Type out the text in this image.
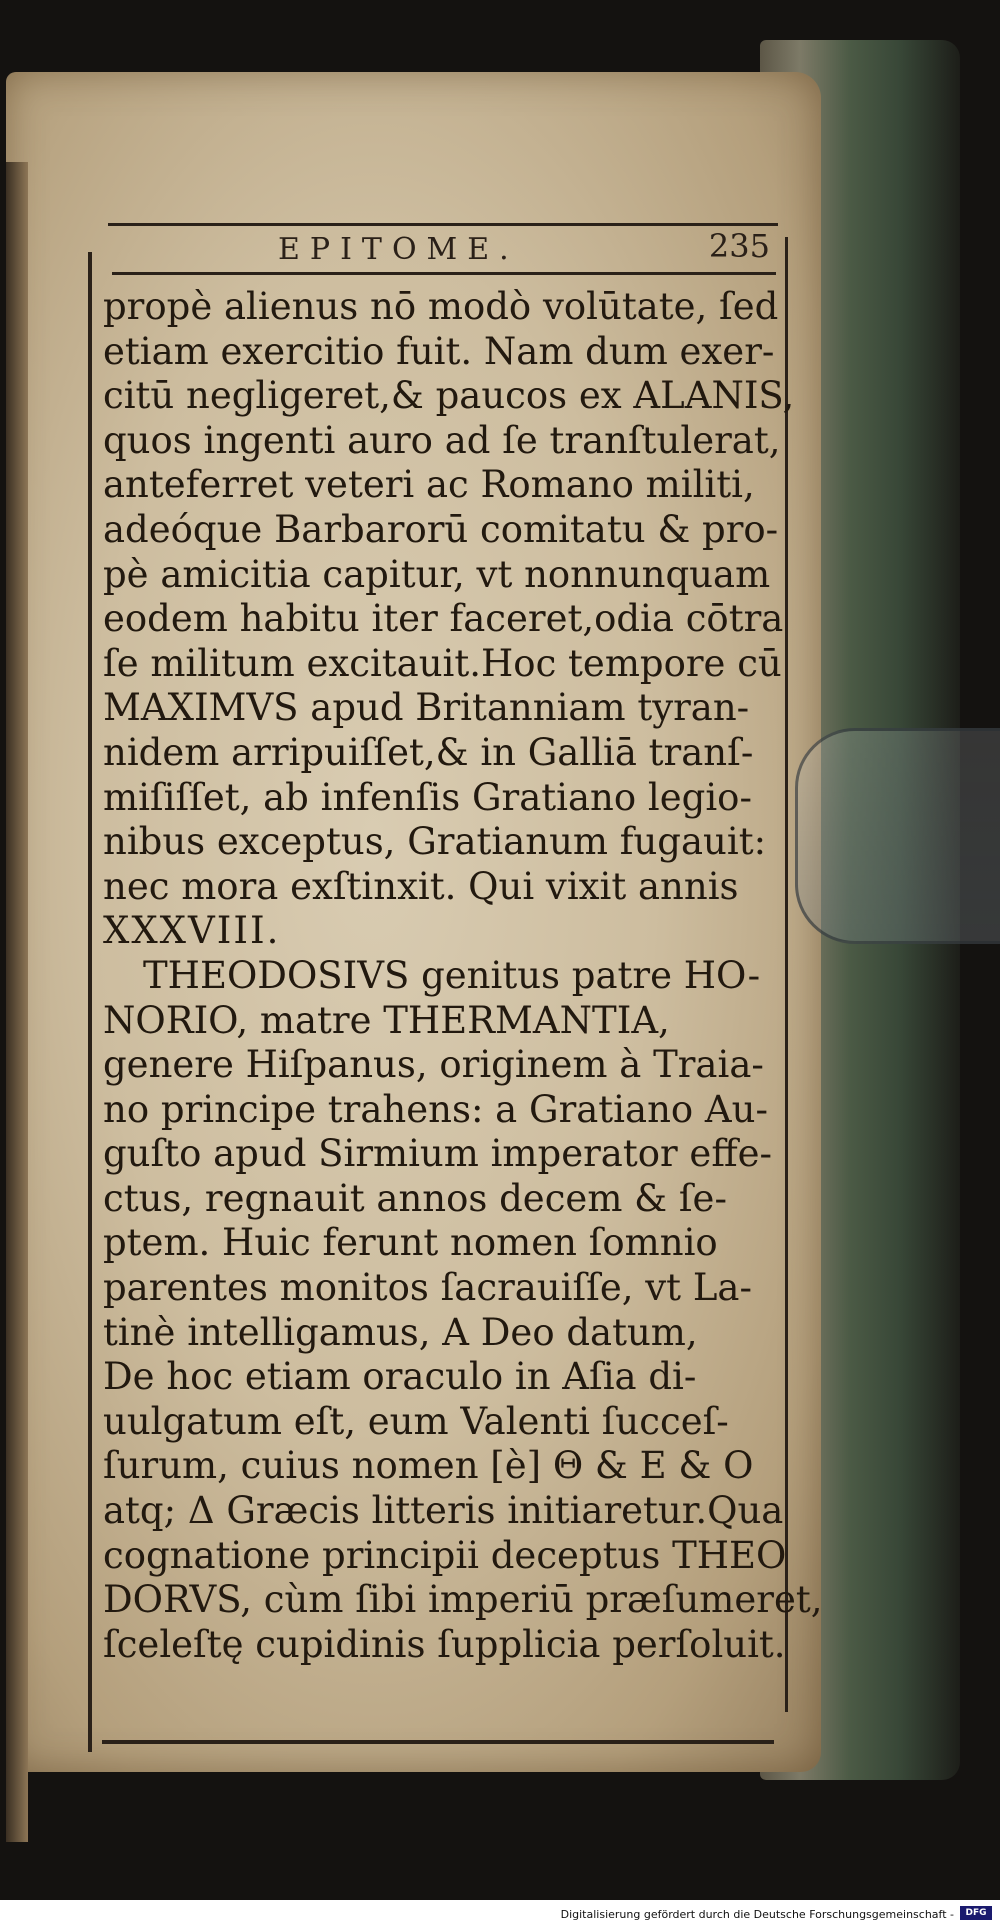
EPITOME.	235
propè alienus nō modò volūtate, ſed
etiam exercitio fuit. Nam dum exer-
citū negligeret,& paucos ex ALANIS,
quos ingenti auro ad ſe tranſtulerat,
anteferret veteri ac Romano militi,
adeóque Barbarorū comitatu & pro-
pè amicitia capitur, vt nonnunquam
eodem habitu iter faceret,odia cōtra
ſe militum excitauit.Hoc tempore cū
MAXIMVS apud Britanniam tyran-
nidem arripuiſſet,& in Galliā tranſ-
miſiſſet, ab infenſis Gratiano legio-
nibus exceptus, Gratianum fugauit:
nec mora exſtinxit. Qui vixit annis
XXXVIII.
THEODOSIVS genitus patre HO-
NORIO, matre THERMANTIA,
genere Hiſpanus, originem à Traia-
no principe trahens: a Gratiano Au-
guſto apud Sirmium imperator effe-
ctus, regnauit annos decem & ſe-
ptem. Huic ferunt nomen ſomnio
parentes monitos ſacrauiſſe, vt La-
tinè intelligamus, A Deo datum,
De hoc etiam oraculo in Aſia di-
uulgatum eſt, eum Valenti ſucceſ-
ſurum, cuius nomen [è] Θ & E & O
atq; Δ Græcis litteris initiaretur.Qua
cognatione principii deceptus THEO
DORVS, cùm ſibi imperiū præſumeret,
ſceleſtę cupidinis ſupplicia perſoluit.
Digitalisierung gefördert durch die Deutsche Forschungsgemeinschaft -	DFG
